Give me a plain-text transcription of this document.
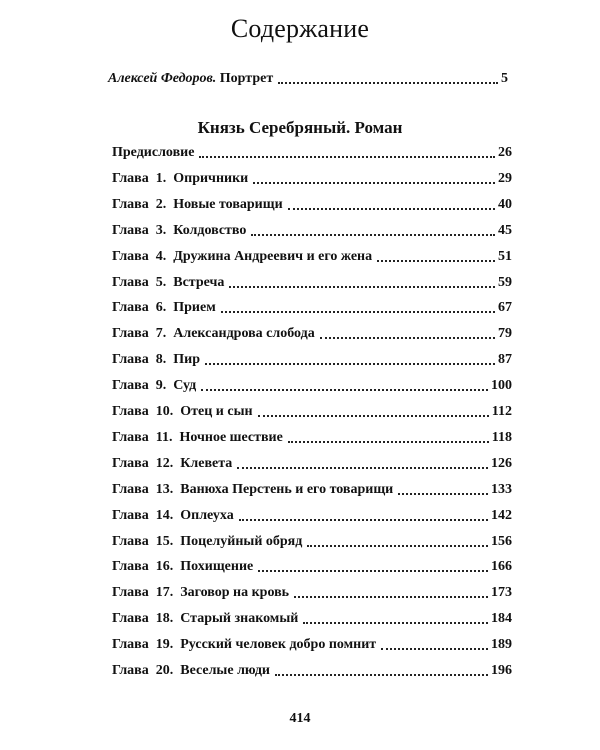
Содержание
Алексей Федоров. Портрет	5
Князь Серебряный. Роман
Предисловие	26
Глава  1.  Опричники	29
Глава  2.  Новые товарищи	40
Глава  3.  Колдовство	45
Глава  4.  Дружина Андреевич и его жена	51
Глава  5.  Встреча	59
Глава  6.  Прием	67
Глава  7.  Александрова слобода	79
Глава  8.  Пир	87
Глава  9.  Суд	100
Глава  10.  Отец и сын	112
Глава  11.  Ночное шествие	118
Глава  12.  Клевета	126
Глава  13.  Ванюха Перстень и его товарищи	133
Глава  14.  Оплеуха	142
Глава  15.  Поцелуйный обряд	156
Глава  16.  Похищение	166
Глава  17.  Заговор на кровь	173
Глава  18.  Старый знакомый	184
Глава  19.  Русский человек добро помнит	189
Глава  20.  Веселые люди	196
414
